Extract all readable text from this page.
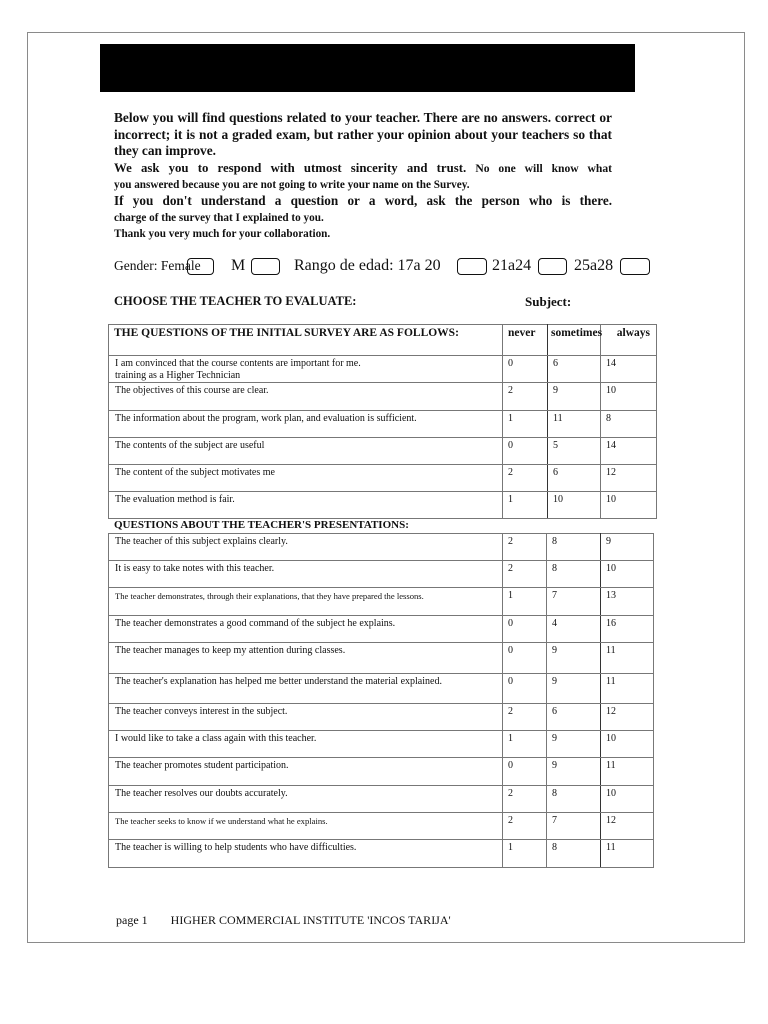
Below you will find questions related to your teacher. There are no answers. correct or incorrect; it is not a graded exam, but rather your opinion about your teachers so that they can improve.
We ask you to respond with utmost sincerity and trust. No one will know what
you answered because you are not going to write your name on the Survey.
If you don't understand a question or a word, ask the person who is there.
charge of the survey that I explained to you.
Thank you very much for your collaboration.
Gender: Female M	Rango de edad: 17a 20	21a24	25a28
CHOOSE THE TEACHER TO EVALUATE:	Subject:
THE QUESTIONS OF THE INITIAL SURVEY ARE AS FOLLOWS:	never	sometimes	always

I am convinced that the course contents are important for me.
training as a Higher Technician	0	6	14
The objectives of this course are clear.	2	9	10
The information about the program, work plan, and evaluation is sufficient.	1	11	8
The contents of the subject are useful	0	5	14
The content of the subject motivates me	2	6	12
The evaluation method is fair.	1	10	10
QUESTIONS ABOUT THE TEACHER'S PRESENTATIONS:
The teacher of this subject explains clearly.	2	8	9
It is easy to take notes with this teacher.	2	8	10
The teacher demonstrates, through their explanations, that they have prepared the lessons.	1	7	13
The teacher demonstrates a good command of the subject he explains.	0	4	16
The teacher manages to keep my attention during classes.	0	9	11
The teacher's explanation has helped me better understand the material explained.	0	9	11
The teacher conveys interest in the subject.	2	6	12
I would like to take a class again with this teacher.	1	9	10
The teacher promotes student participation.	0	9	11
The teacher resolves our doubts accurately.	2	8	10
The teacher seeks to know if we understand what he explains.	2	7	12
The teacher is willing to help students who have difficulties.	1	8	11
page 1 HIGHER COMMERCIAL INSTITUTE 'INCOS TARIJA'
